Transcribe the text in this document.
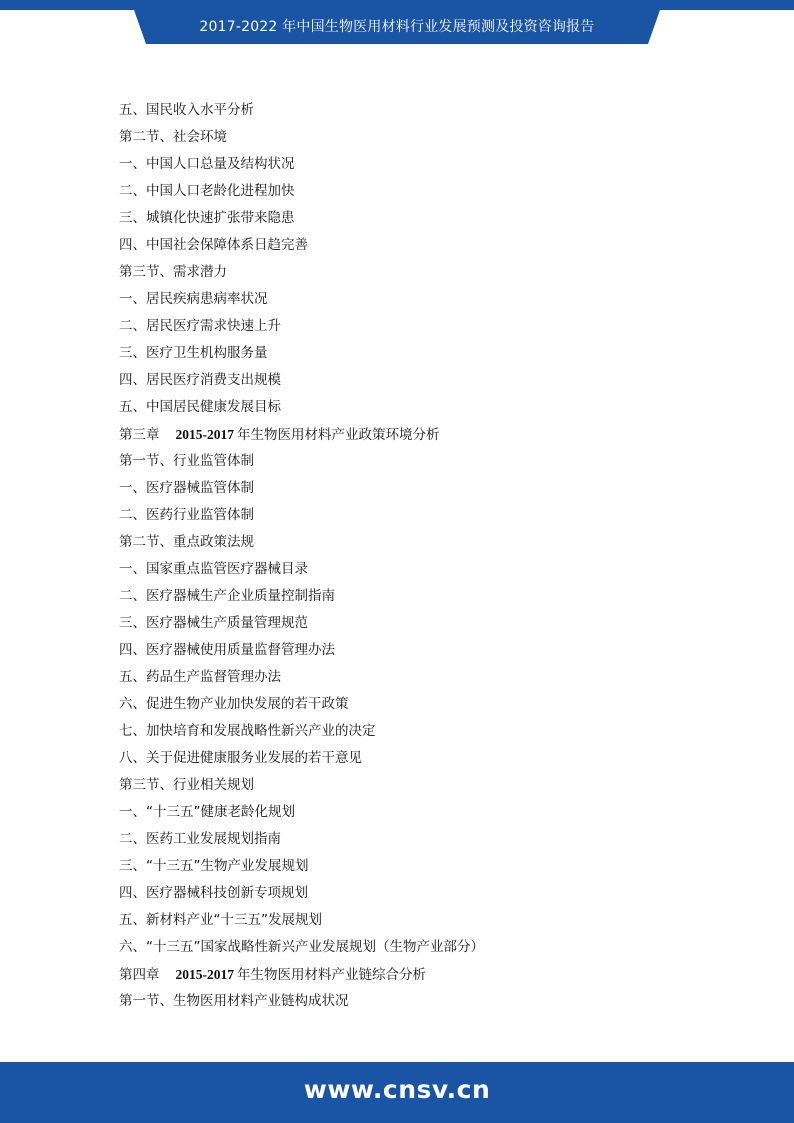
2017-2022 年中国生物医用材料行业发展预测及投资咨询报告
五、国民收入水平分析
第二节、社会环境
一、中国人口总量及结构状况
二、中国人口老龄化进程加快
三、城镇化快速扩张带来隐患
四、中国社会保障体系日趋完善
第三节、需求潜力
一、居民疾病患病率状况
二、居民医疗需求快速上升
三、医疗卫生机构服务量
四、居民医疗消费支出规模
五、中国居民健康发展目标
第三章 2015-2017 年生物医用材料产业政策环境分析
第一节、行业监管体制
一、医疗器械监管体制
二、医药行业监管体制
第二节、重点政策法规
一、国家重点监管医疗器械目录
二、医疗器械生产企业质量控制指南
三、医疗器械生产质量管理规范
四、医疗器械使用质量监督管理办法
五、药品生产监督管理办法
六、促进生物产业加快发展的若干政策
七、加快培育和发展战略性新兴产业的决定
八、关于促进健康服务业发展的若干意见
第三节、行业相关规划
一、“十三五”健康老龄化规划
二、医药工业发展规划指南
三、“十三五”生物产业发展规划
四、医疗器械科技创新专项规划
五、新材料产业“十三五”发展规划
六、“十三五”国家战略性新兴产业发展规划（生物产业部分）
第四章 2015-2017 年生物医用材料产业链综合分析
第一节、生物医用材料产业链构成状况
www.cnsv.cn
